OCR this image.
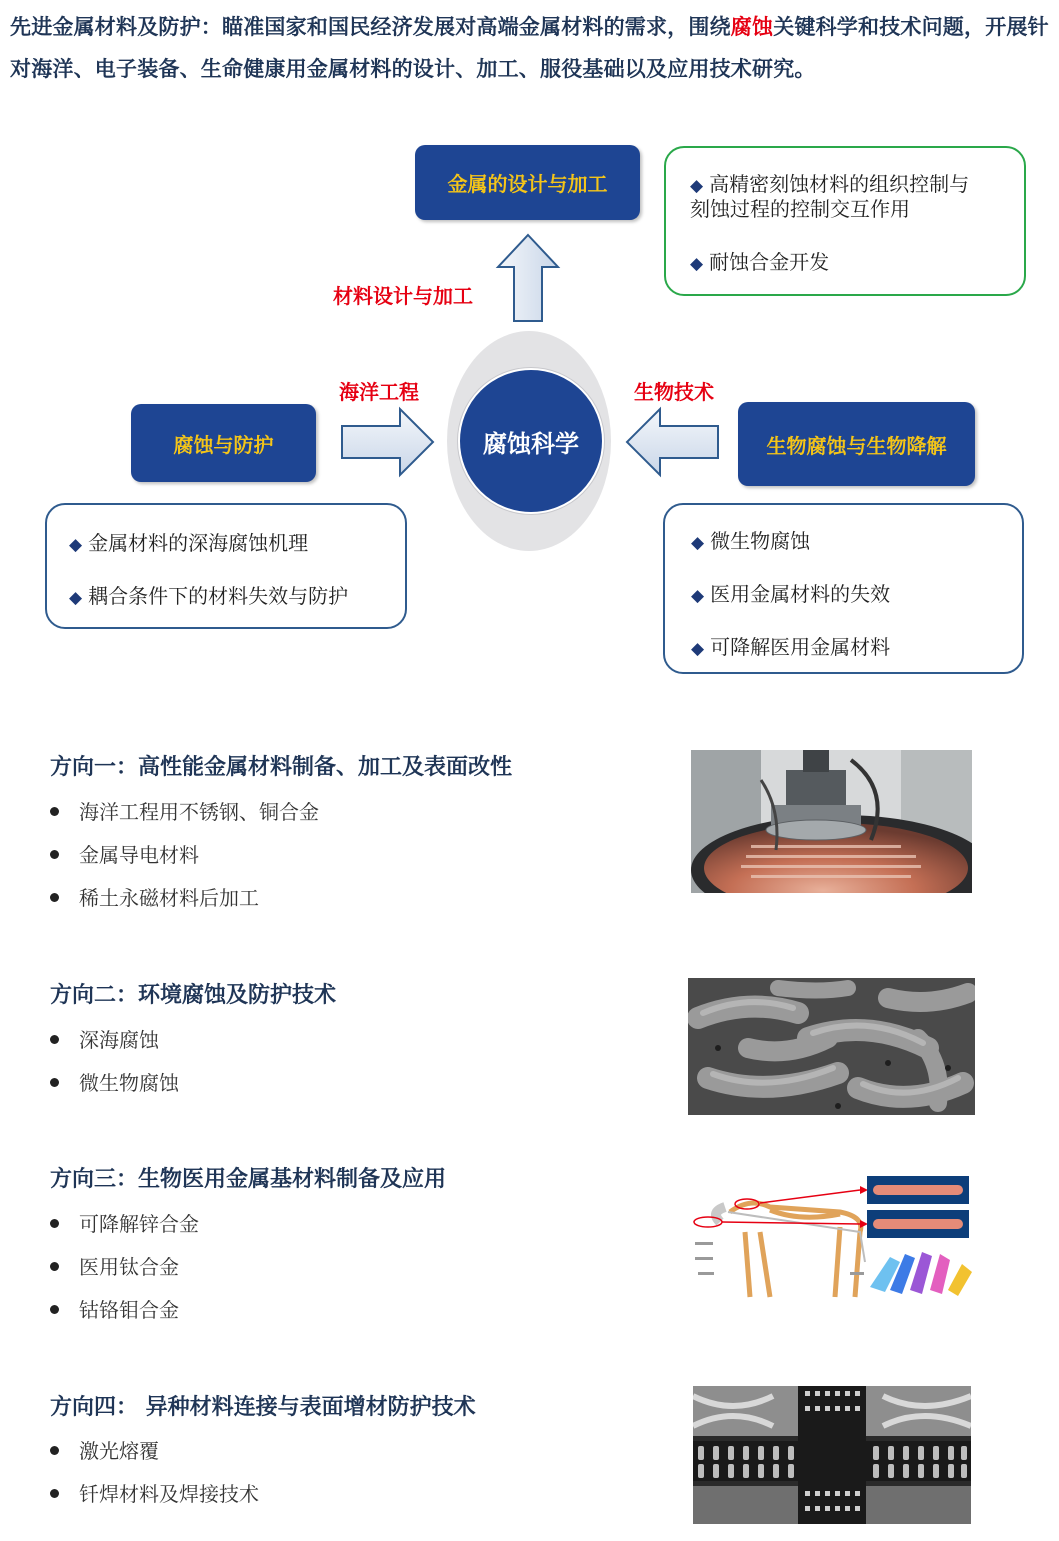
先进金属材料及防护：瞄准国家和国民经济发展对高端金属材料的需求，围绕腐蚀关键科学和技术问题，开展针对海洋、电子装备、生命健康用金属材料的设计、加工、服役基础以及应用技术研究。
腐蚀科学
金属的设计与加工
腐蚀与防护	生物腐蚀与生物降解
材料设计与加工
海洋工程	生物技术
◆ 高精密刻蚀材料的组织控制与
刻蚀过程的控制交互作用
◆ 耐蚀合金开发
◆ 金属材料的深海腐蚀机理
◆ 耦合条件下的材料失效与防护
◆ 微生物腐蚀
◆ 医用金属材料的失效
◆ 可降解医用金属材料
方向一：高性能金属材料制备、加工及表面改性
海洋工程用不锈钢、铜合金
金属导电材料
稀土永磁材料后加工
方向二：环境腐蚀及防护技术
深海腐蚀
微生物腐蚀
方向三：生物医用金属基材料制备及应用
可降解锌合金
医用钛合金
钴铬钼合金
方向四： 异种材料连接与表面增材防护技术
激光熔覆
钎焊材料及焊接技术
